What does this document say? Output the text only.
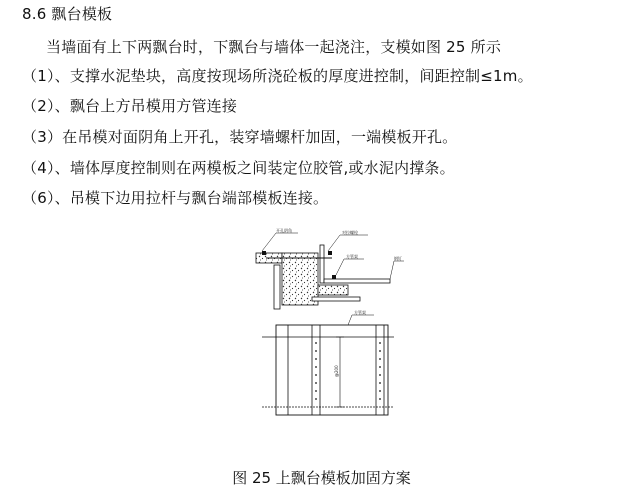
8.6 飘台模板
当墙面有上下两飘台时，下飘台与墙体一起浇注，支模如图 25 所示
（1）、支撑水泥垫块，高度按现场所浇砼板的厚度进控制，间距控制≤1m。
（2）、飘台上方吊模用方管连接
（3）在吊模对面阴角上开孔，装穿墙螺杆加固，一端模板开孔。
（4）、墙体厚度控制则在两模板之间装定位胶管,或水泥内撑条。
（6）、吊模下边用拉杆与飘台端部模板连接。
开孔阴角	对拉螺栓
方管架	钢钉
@200
方管架
图 25 上飘台模板加固方案
